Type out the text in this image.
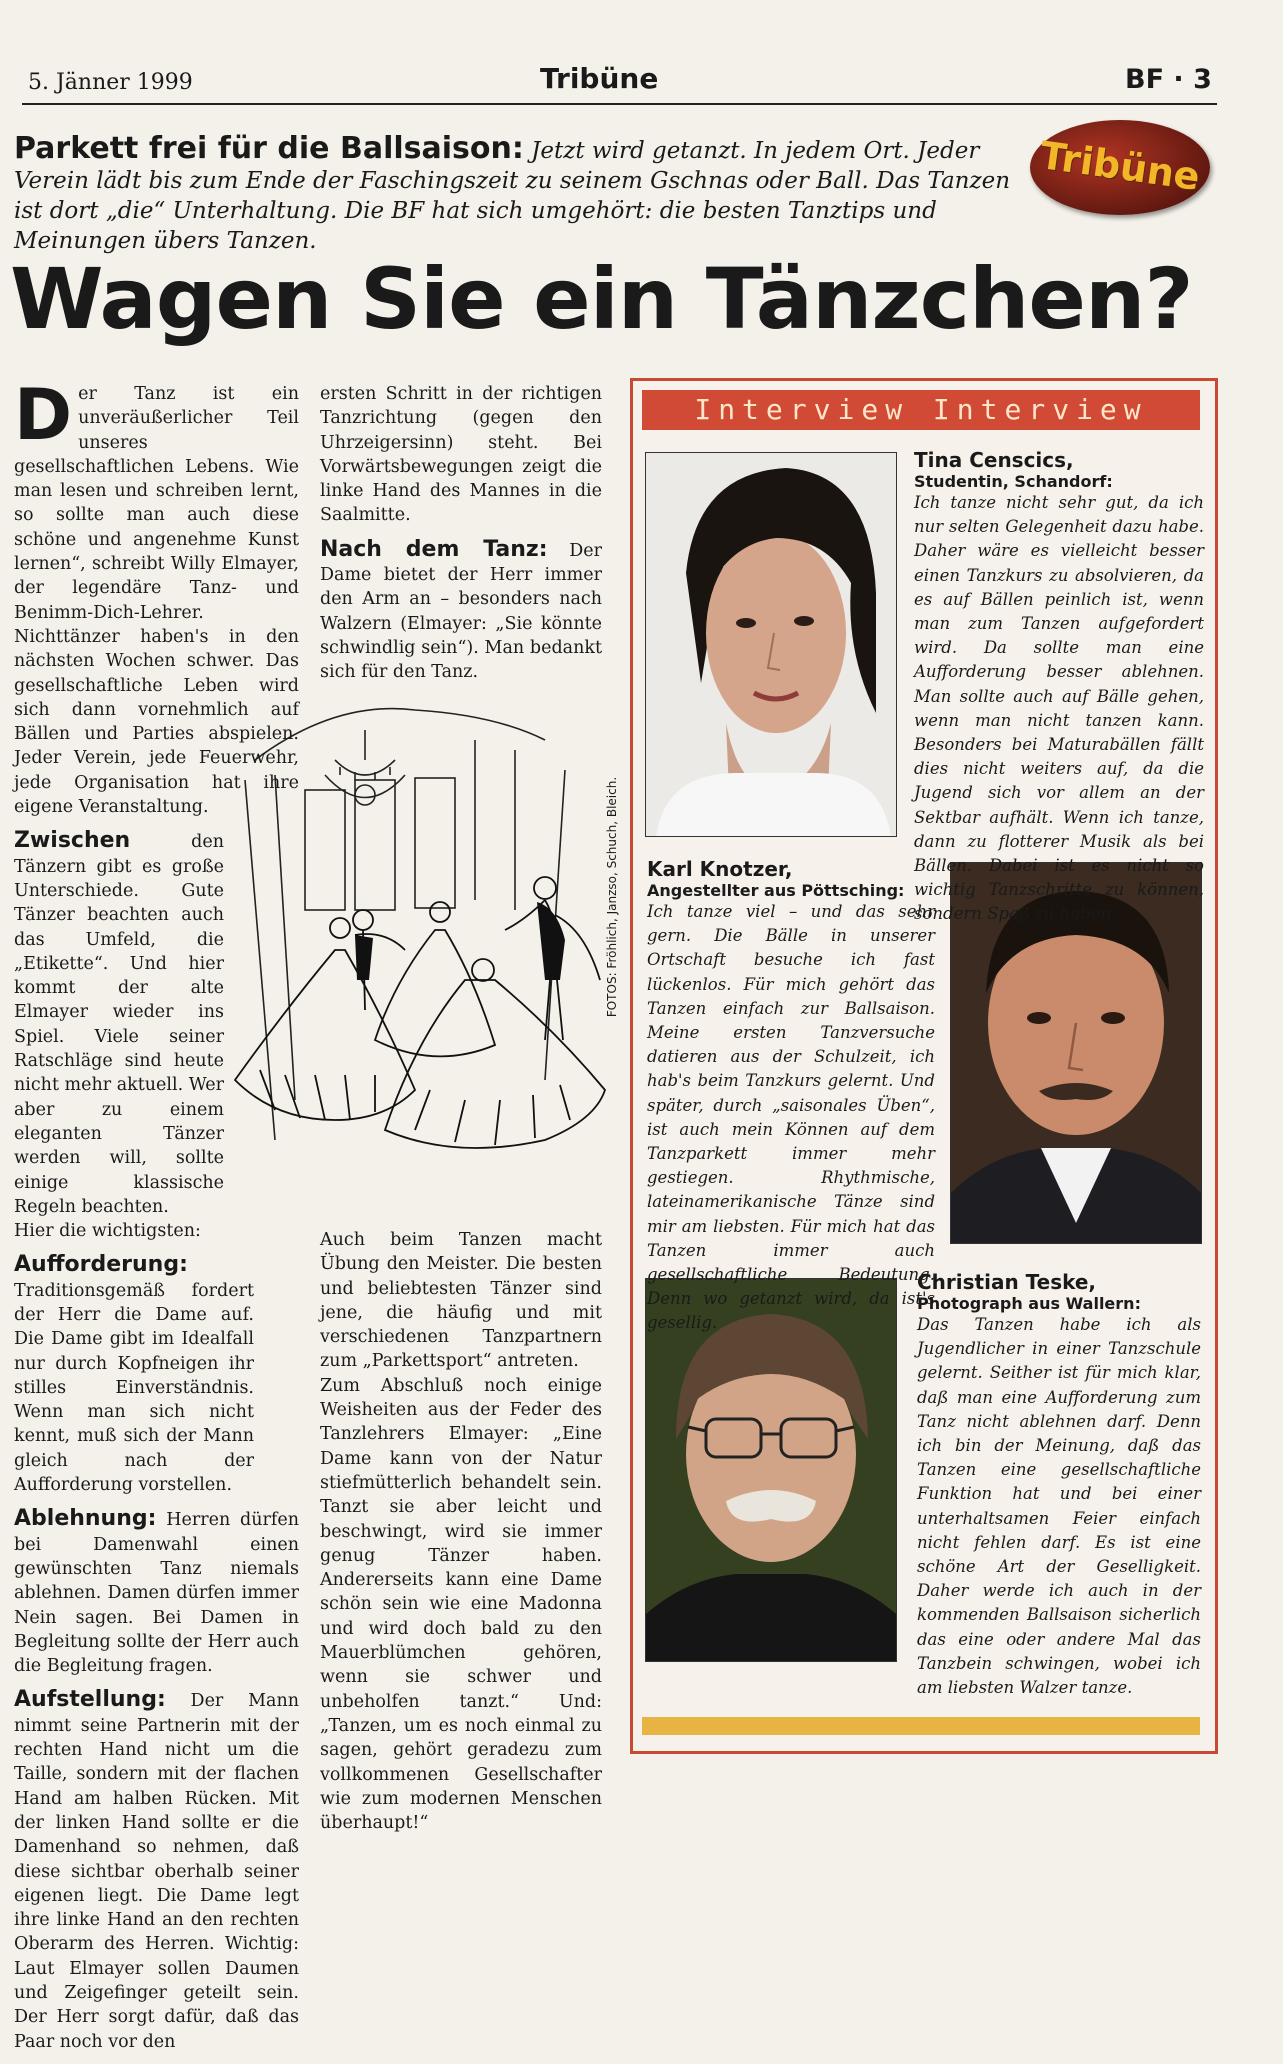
5. Jänner 1999	Tribüne	BF · 3
Parkett frei für die Ballsaison: Jetzt wird getanzt. In jedem Ort. Jeder Verein lädt bis zum Ende der Faschingszeit zu seinem Gschnas oder Ball. Das Tanzen ist dort „die“ Unterhaltung. Die BF hat sich umgehört: die besten Tanztips und Meinungen übers Tanzen.
Tribüne
Wagen Sie ein Tänzchen?

Der Tanz ist ein unveräußerlicher Teil unseres gesellschaftlichen Lebens. Wie man lesen und schreiben lernt, so sollte man auch diese schöne und angenehme Kunst lernen“, schreibt Willy Elmayer, der legendäre Tanz- und Benimm-Dich-Lehrer. Nichttänzer haben's in den nächsten Wochen schwer. Das gesellschaftliche Leben wird sich dann vornehmlich auf Bällen und Parties abspielen. Jeder Verein, jede Feuerwehr, jede Organisation hat ihre eigene Veranstaltung.

Zwischen den Tänzern gibt es große Unterschiede. Gute Tänzer beachten auch das Umfeld, die „Etikette“. Und hier kommt der alte Elmayer wieder ins Spiel. Viele seiner Ratschläge sind heute nicht mehr aktuell. Wer aber zu einem eleganten Tänzer werden will, sollte einige klassische Regeln beachten.
Hier die wichtigsten:

Aufforderung: Traditionsgemäß fordert der Herr die Dame auf. Die Dame gibt im Idealfall nur durch Kopfneigen ihr stilles Einverständnis. Wenn man sich nicht kennt, muß sich der Mann gleich nach der Aufforderung vorstellen.

Ablehnung: Herren dürfen bei Damenwahl einen gewünschten Tanz niemals ablehnen. Damen dürfen immer Nein sagen. Bei Damen in Begleitung sollte der Herr auch die Begleitung fragen.

Aufstellung: Der Mann nimmt seine Partnerin mit der rechten Hand nicht um die Taille, sondern mit der flachen Hand am halben Rücken. Mit der linken Hand sollte er die Damenhand so nehmen, daß diese sichtbar oberhalb seiner eigenen liegt. Die Dame legt ihre linke Hand an den rechten Oberarm des Herren. Wichtig: Laut Elmayer sollen Daumen und Zeigefinger geteilt sein. Der Herr sorgt dafür, daß das Paar noch vor den

ersten Schritt in der richtigen Tanzrichtung (gegen den Uhrzeigersinn) steht. Bei Vorwärtsbewegungen zeigt die linke Hand des Mannes in die Saalmitte.

Nach dem Tanz: Der Dame bietet der Herr immer den Arm an – besonders nach Walzern (Elmayer: „Sie könnte schwindlig sein“). Man bedankt sich für den Tanz.

Auch beim Tanzen macht Übung den Meister. Die besten und beliebtesten Tänzer sind jene, die häufig und mit verschiedenen Tanzpartnern zum „Parkettsport“ antreten.

Zum Abschluß noch einige Weisheiten aus der Feder des Tanzlehrers Elmayer: „Eine Dame kann von der Natur stiefmütterlich behandelt sein. Tanzt sie aber leicht und beschwingt, wird sie immer genug Tänzer haben. Andererseits kann eine Dame schön sein wie eine Madonna und wird doch bald zu den Mauerblümchen gehören, wenn sie schwer und unbeholfen tanzt.“ Und: „Tanzen, um es noch einmal zu sagen, gehört geradezu zum vollkommenen Gesellschafter wie zum modernen Menschen überhaupt!“

FOTOS: Fröhlich, Janzso, Schuch, Bleich.
Interview Interview
Tina Censcics,
Studentin, Schandorf:
Ich tanze nicht sehr gut, da ich nur selten Gelegenheit dazu habe. Daher wäre es vielleicht besser einen Tanzkurs zu absolvieren, da es auf Bällen peinlich ist, wenn man zum Tanzen aufgefordert wird. Da sollte man eine Aufforderung besser ablehnen. Man sollte auch auf Bälle gehen, wenn man nicht tanzen kann. Besonders bei Maturabällen fällt dies nicht weiters auf, da die Jugend sich vor allem an der Sektbar aufhält. Wenn ich tanze, dann zu flotterer Musik als bei Bällen. Dabei ist es nicht so wichtig Tanzschritte zu können, sondern Spaß zu haben.
Karl Knotzer,
Angestellter aus Pöttsching:
Ich tanze viel – und das sehr gern. Die Bälle in unserer Ortschaft besuche ich fast lückenlos. Für mich gehört das Tanzen einfach zur Ballsaison. Meine ersten Tanzversuche datieren aus der Schulzeit, ich hab's beim Tanzkurs gelernt. Und später, durch „saisonales Üben“, ist auch mein Können auf dem Tanzparkett immer mehr gestiegen. Rhythmische, lateinamerikanische Tänze sind mir am liebsten. Für mich hat das Tanzen immer auch gesellschaftliche Bedeutung. Denn wo getanzt wird, da ist's gesellig.
Christian Teske,
Photograph aus Wallern:
Das Tanzen habe ich als Jugendlicher in einer Tanzschule gelernt. Seither ist für mich klar, daß man eine Aufforderung zum Tanz nicht ablehnen darf. Denn ich bin der Meinung, daß das Tanzen eine gesellschaftliche Funktion hat und bei einer unterhaltsamen Feier einfach nicht fehlen darf. Es ist eine schöne Art der Geselligkeit. Daher werde ich auch in der kommenden Ballsaison sicherlich das eine oder andere Mal das Tanzbein schwingen, wobei ich am liebsten Walzer tanze.
